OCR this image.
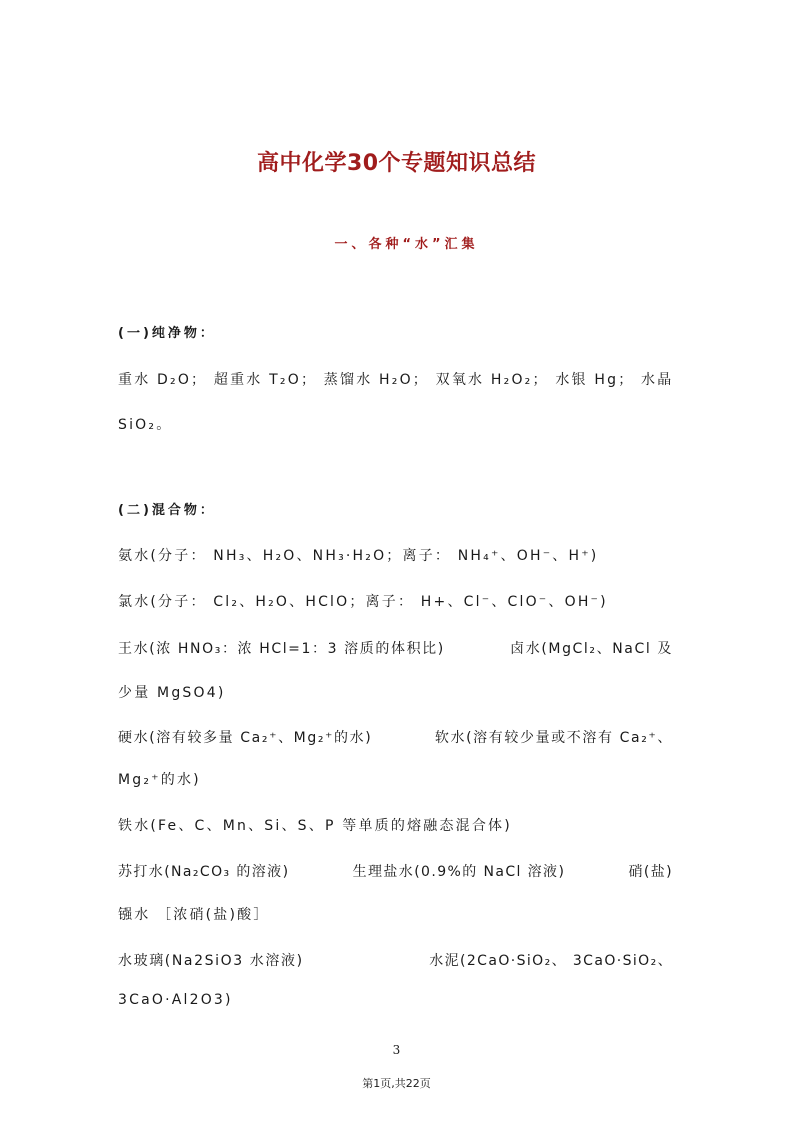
高中化学30个专题知识总结
一、各种“水”汇集
(一)纯净物：
重水 D₂O； 超重水 T₂O； 蒸馏水 H₂O； 双氧水 H₂O₂； 水银 Hg； 水晶
SiO₂。
(二)混合物：
氨水(分子： NH₃、H₂O、NH₃·H₂O；离子： NH₄⁺、OH⁻、H⁺)
氯水(分子： Cl₂、H₂O、HClO；离子： H+、Cl⁻、ClO⁻、OH⁻)
王水(浓 HNO₃：浓 HCl=1：3 溶质的体积比)	卤水(MgCl₂、NaCl 及
少量 MgSO4)
硬水(溶有较多量 Ca₂⁺、Mg₂⁺的水)	软水(溶有较少量或不溶有 Ca₂⁺、
Mg₂⁺的水)
铁水(Fe、C、Mn、Si、S、P 等单质的熔融态混合体)
苏打水(Na₂CO₃ 的溶液)	生理盐水(0.9%的 NaCl 溶液)	硝(盐)
镪水 ［浓硝(盐)酸］
水玻璃(Na2SiO3 水溶液)	水泥(2CaO·SiO₂、 3CaO·SiO₂、
3CaO·Al2O3)
3
第1页,共22页
